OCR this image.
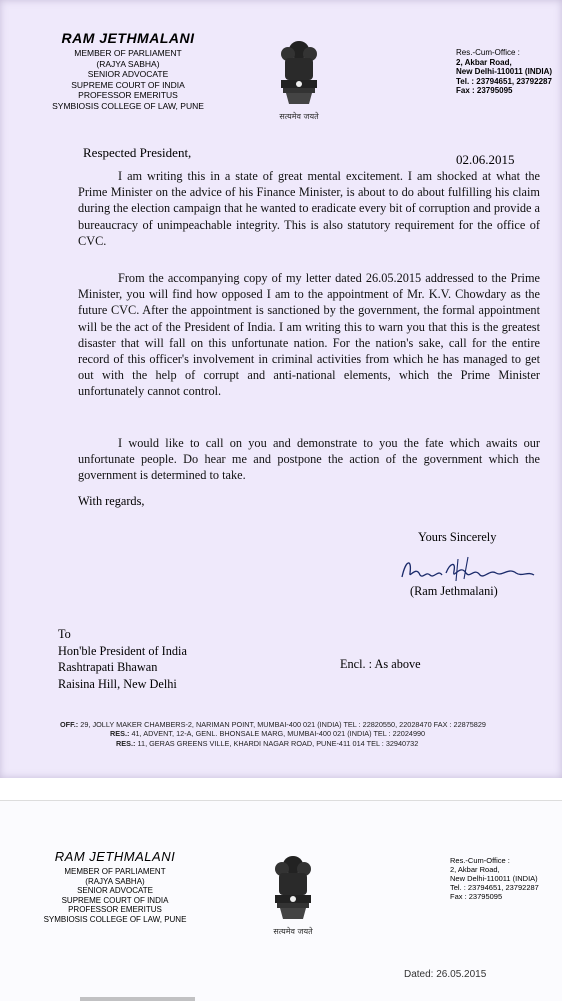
RAM JETHMALANI
MEMBER OF PARLIAMENT
(RAJYA SABHA)
SENIOR ADVOCATE
SUPREME COURT OF INDIA
PROFESSOR EMERITUS
SYMBIOSIS COLLEGE OF LAW, PUNE
सत्यमेव जयते
Res.-Cum-Office :
2, Akbar Road,
New Delhi-110011 (INDIA)
Tel. : 23794651, 23792287
Fax : 23795095
Respected President,	02.06.2015

I am writing this in a state of great mental excitement. I am shocked at what the Prime Minister on the advice of his Finance Minister, is about to do about fulfilling his claim during the election campaign that he wanted to eradicate every bit of corruption and provide a bureaucracy of unimpeachable integrity. This is also statutory requirement for the office of CVC.

From the accompanying copy of my letter dated 26.05.2015 addressed to the Prime Minister, you will find how opposed I am to the appointment of Mr. K.V. Chowdary as the future CVC. After the appointment is sanctioned by the government, the formal appointment will be the act of the President of India. I am writing this to warn you that this is the greatest disaster that will fall on this unfortunate nation. For the nation's sake, call for the entire record of this officer's involvement in criminal activities from which he has managed to get out with the help of corrupt and anti-national elements, which the Prime Minister unfortunately cannot control.

I would like to call on you and demonstrate to you the fate which awaits our unfortunate people. Do hear me and postpone the action of the government which the government is determined to take.

With regards,
Yours Sincerely
(Ram Jethmalani)
To
Hon'ble President of India
Rashtrapati Bhawan
Raisina Hill, New Delhi
Encl. : As above
OFF.: 29, JOLLY MAKER CHAMBERS-2, NARIMAN POINT, MUMBAI-400 021 (INDIA) TEL : 22820550, 22028470 FAX : 22875829
RES.: 41, ADVENT, 12-A, GENL. BHONSALE MARG, MUMBAI-400 021 (INDIA) TEL : 22024990
RES.: 11, GERAS GREENS VILLE, KHARDI NAGAR ROAD, PUNE-411 014 TEL : 32940732
RAM JETHMALANI
MEMBER OF PARLIAMENT
(RAJYA SABHA)
SENIOR ADVOCATE
SUPREME COURT OF INDIA
PROFESSOR EMERITUS
SYMBIOSIS COLLEGE OF LAW, PUNE
सत्यमेव जयते
Res.-Cum-Office :
2, Akbar Road,
New Delhi-110011 (INDIA)
Tel. : 23794651, 23792287
Fax : 23795095
Dated: 26.05.2015
